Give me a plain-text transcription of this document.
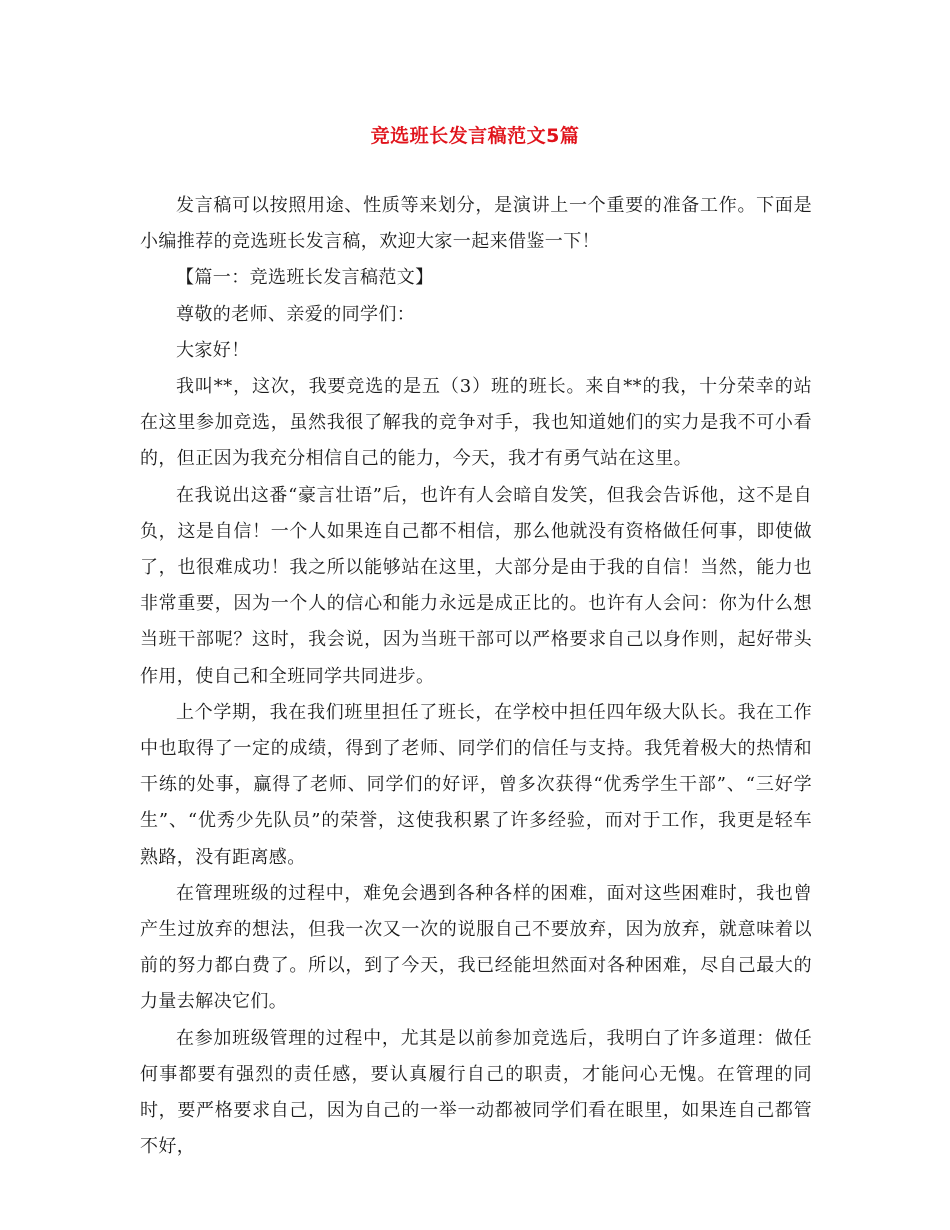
竞选班长发言稿范文5篇

发言稿可以按照用途、性质等来划分，是演讲上一个重要的准备工作。下面是小编推荐的竞选班长发言稿，欢迎大家一起来借鉴一下！

【篇一：竞选班长发言稿范文】

尊敬的老师、亲爱的同学们：

大家好！

我叫**，这次，我要竞选的是五（3）班的班长。来自**的我，十分荣幸的站在这里参加竞选，虽然我很了解我的竞争对手，我也知道她们的实力是我不可小看的，但正因为我充分相信自己的能力，今天，我才有勇气站在这里。

在我说出这番“豪言壮语”后，也许有人会暗自发笑，但我会告诉他，这不是自负，这是自信！一个人如果连自己都不相信，那么他就没有资格做任何事，即使做了，也很难成功！我之所以能够站在这里，大部分是由于我的自信！当然，能力也非常重要，因为一个人的信心和能力永远是成正比的。也许有人会问：你为什么想当班干部呢？这时，我会说，因为当班干部可以严格要求自己以身作则，起好带头作用，使自己和全班同学共同进步。

上个学期，我在我们班里担任了班长，在学校中担任四年级大队长。我在工作中也取得了一定的成绩，得到了老师、同学们的信任与支持。我凭着极大的热情和干练的处事，赢得了老师、同学们的好评，曾多次获得“优秀学生干部”、“三好学生”、“优秀少先队员”的荣誉，这使我积累了许多经验，而对于工作，我更是轻车熟路，没有距离感。

在管理班级的过程中，难免会遇到各种各样的困难，面对这些困难时，我也曾产生过放弃的想法，但我一次又一次的说服自己不要放弃，因为放弃，就意味着以前的努力都白费了。所以，到了今天，我已经能坦然面对各种困难，尽自己最大的力量去解决它们。

在参加班级管理的过程中，尤其是以前参加竞选后，我明白了许多道理：做任何事都要有强烈的责任感，要认真履行自己的职责，才能问心无愧。在管理的同时，要严格要求自己，因为自己的一举一动都被同学们看在眼里，如果连自己都管不好，
